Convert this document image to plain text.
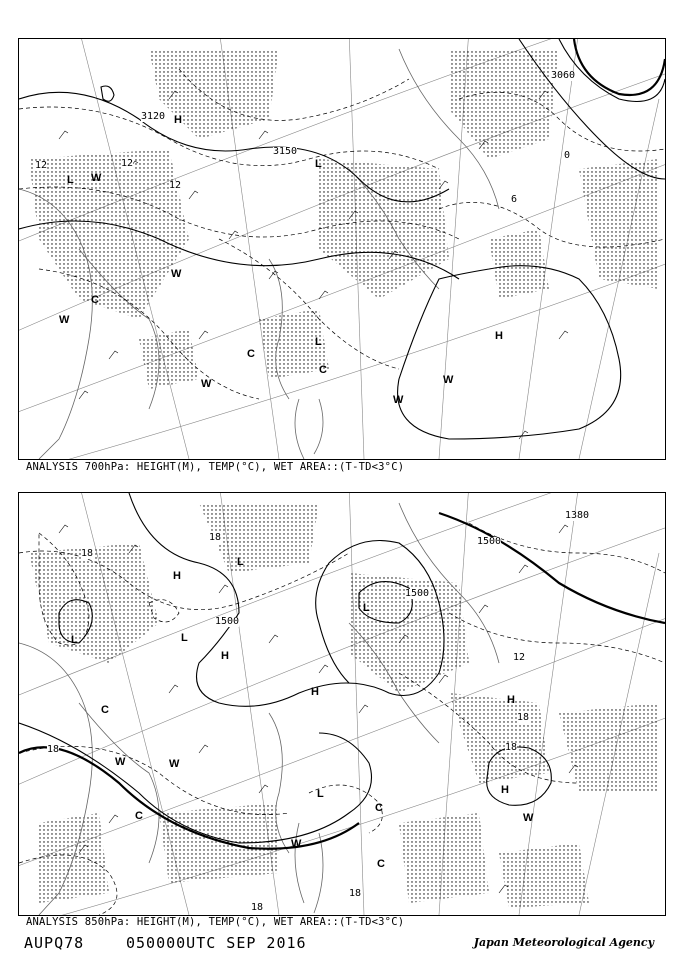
3120
3150
3060
12	12
12
0
6
H
L
L
L	H
W
W
W
W
C
C
C
W
W
ANALYSIS 700hPa: HEIGHT(M), TEMP(°C), WET AREA::(T-TD<3°C)
1500
1500
1500
1380
18
18
18
12
18
18
18
18
H
L
L	L
H
H
L
L
H
H
C
W	W
C
W
C
C
W
ANALYSIS 850hPa: HEIGHT(M), TEMP(°C), WET AREA::(T-TD<3°C)
AUPQ78	050000UTC SEP 2016	Japan Meteorological Agency
